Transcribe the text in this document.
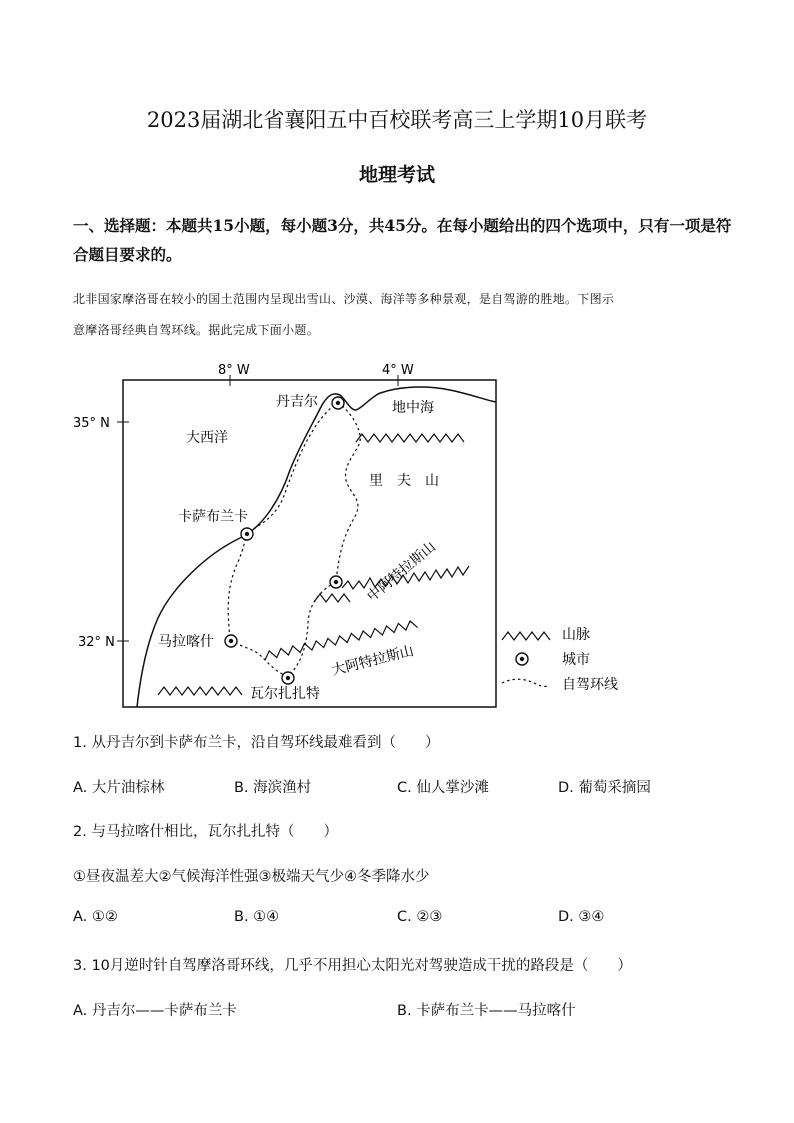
2023届湖北省襄阳五中百校联考高三上学期10月联考
地理考试
一、选择题：本题共15小题，每小题3分，共45分。在每小题给出的四个选项中，只有一项是符合题目要求的。
北非国家摩洛哥在较小的国土范围内呈现出雪山、沙漠、海洋等多种景观，是自驾游的胜地。下图示
意摩洛哥经典自驾环线。据此完成下面小题。
8° W	4° W
35° N
32° N
丹吉尔	地中海
大西洋
里　夫　山
卡萨布兰卡
中阿特拉斯山
马拉喀什
大阿特拉斯山
瓦尔扎扎特
山脉
城市
自驾环线
1. 从丹吉尔到卡萨布兰卡，沿自驾环线最难看到（　　）
A. 大片油棕林	B. 海滨渔村	C. 仙人掌沙滩	D. 葡萄采摘园
2. 与马拉喀什相比，瓦尔扎扎特（　　）
①昼夜温差大②气候海洋性强③极端天气少④冬季降水少
A. ①②	B. ①④	C. ②③	D. ③④
3. 10月逆时针自驾摩洛哥环线，几乎不用担心太阳光对驾驶造成干扰的路段是（　　）
A. 丹吉尔——卡萨布兰卡	B. 卡萨布兰卡——马拉喀什
